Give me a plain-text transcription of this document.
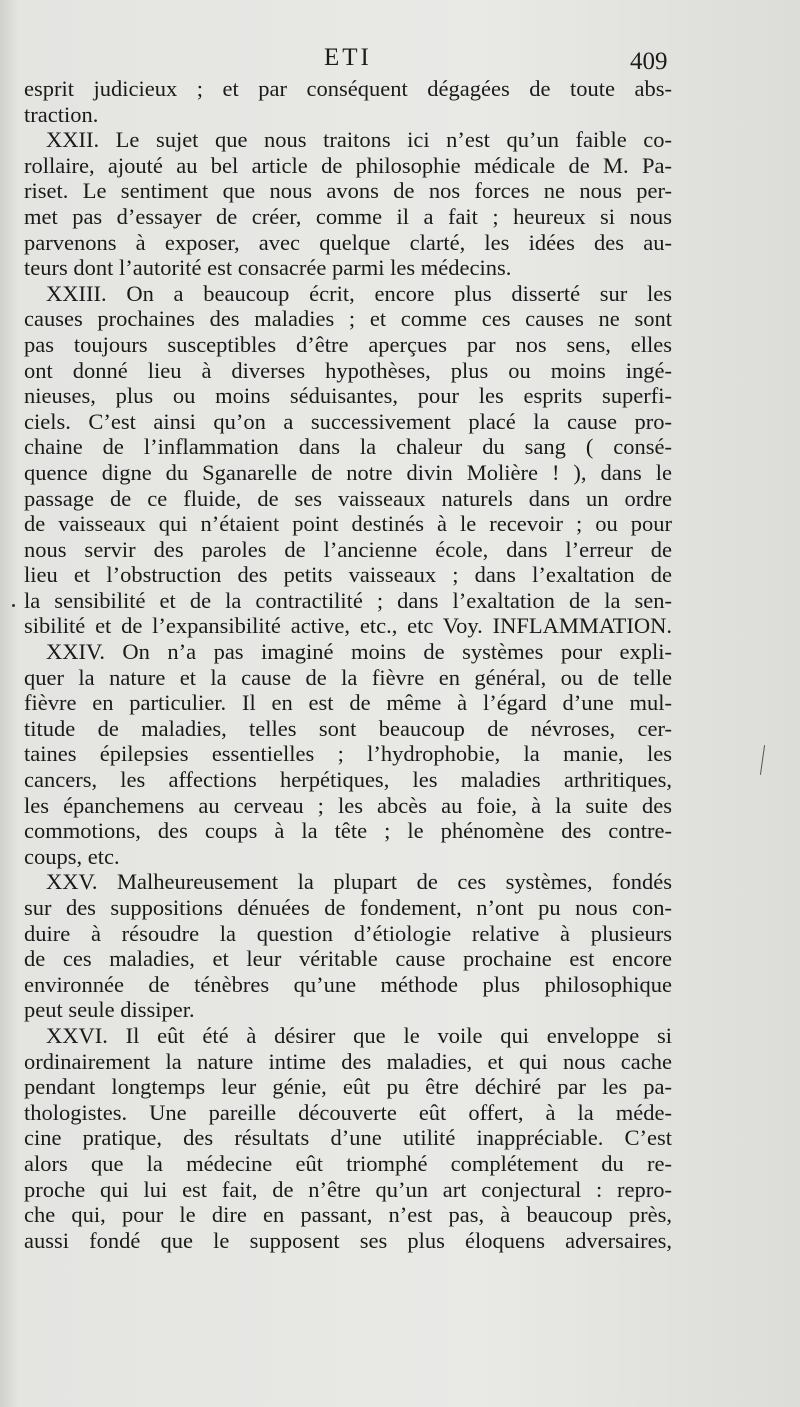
ETI	409
esprit judicieux ; et par conséquent dégagées de toute abs-
traction.
XXII. Le sujet que nous traitons ici n’est qu’un faible co-
rollaire, ajouté au bel article de philosophie médicale de M. Pa-
riset. Le sentiment que nous avons de nos forces ne nous per-
met pas d’essayer de créer, comme il a fait ; heureux si nous
parvenons à exposer, avec quelque clarté, les idées des au-
teurs dont l’autorité est consacrée parmi les médecins.
XXIII. On a beaucoup écrit, encore plus disserté sur les
causes prochaines des maladies ; et comme ces causes ne sont
pas toujours susceptibles d’être aperçues par nos sens, elles
ont donné lieu à diverses hypothèses, plus ou moins ingé-
nieuses, plus ou moins séduisantes, pour les esprits superfi-
ciels. C’est ainsi qu’on a successivement placé la cause pro-
chaine de l’inflammation dans la chaleur du sang ( consé-
quence digne du Sganarelle de notre divin Molière ! ), dans le
passage de ce fluide, de ses vaisseaux naturels dans un ordre
de vaisseaux qui n’étaient point destinés à le recevoir ; ou pour
nous servir des paroles de l’ancienne école, dans l’erreur de
lieu et l’obstruction des petits vaisseaux ; dans l’exaltation de
la sensibilité et de la contractilité ; dans l’exaltation de la sen-
sibilité et de l’expansibilité active, etc., etc Voy. INFLAMMATION.
XXIV. On n’a pas imaginé moins de systèmes pour expli-
quer la nature et la cause de la fièvre en général, ou de telle
fièvre en particulier. Il en est de même à l’égard d’une mul-
titude de maladies, telles sont beaucoup de névroses, cer-
taines épilepsies essentielles ; l’hydrophobie, la manie, les
cancers, les affections herpétiques, les maladies arthritiques,
les épanchemens au cerveau ; les abcès au foie, à la suite des
commotions, des coups à la tête ; le phénomène des contre-
coups, etc.
XXV. Malheureusement la plupart de ces systèmes, fondés
sur des suppositions dénuées de fondement, n’ont pu nous con-
duire à résoudre la question d’étiologie relative à plusieurs
de ces maladies, et leur véritable cause prochaine est encore
environnée de ténèbres qu’une méthode plus philosophique
peut seule dissiper.
XXVI. Il eût été à désirer que le voile qui enveloppe si
ordinairement la nature intime des maladies, et qui nous cache
pendant longtemps leur génie, eût pu être déchiré par les pa-
thologistes. Une pareille découverte eût offert, à la méde-
cine pratique, des résultats d’une utilité inappréciable. C’est
alors que la médecine eût triomphé complétement du re-
proche qui lui est fait, de n’être qu’un art conjectural : repro-
che qui, pour le dire en passant, n’est pas, à beaucoup près,
aussi fondé que le supposent ses plus éloquens adversaires,
